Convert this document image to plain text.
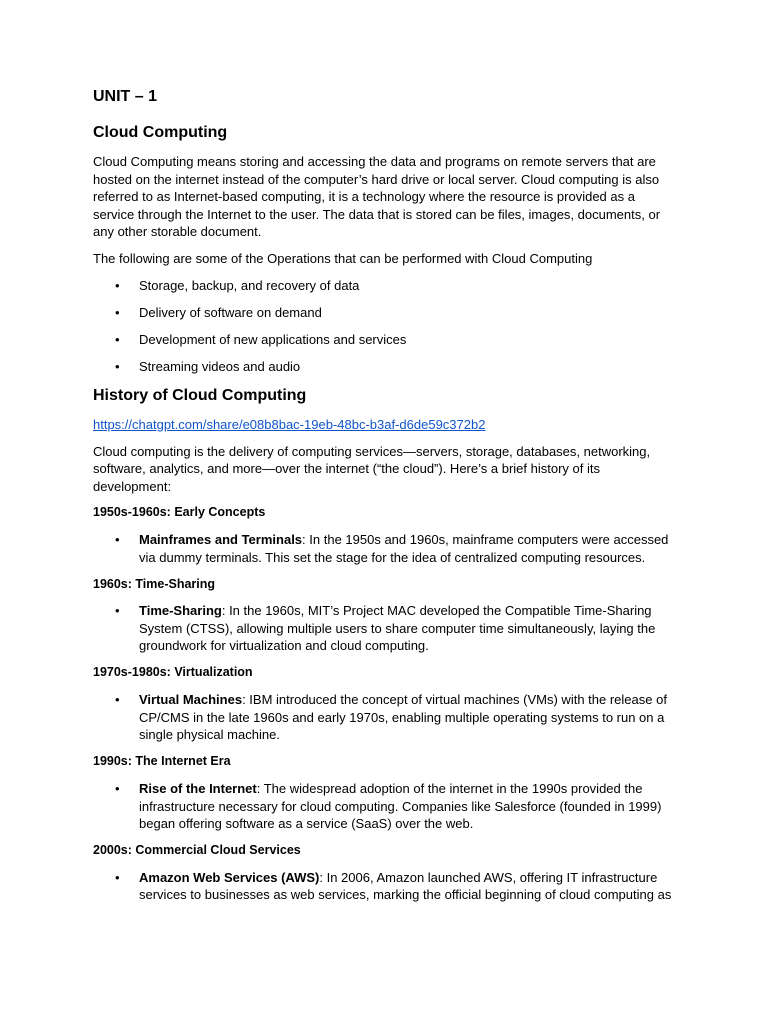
UNIT – 1
Cloud Computing

Cloud Computing means storing and accessing the data and programs on remote servers that are hosted on the internet instead of the computer’s hard drive or local server. Cloud computing is also referred to as Internet-based computing, it is a technology where the resource is provided as a service through the Internet to the user. The data that is stored can be files, images, documents, or any other storable document.

The following are some of the Operations that can be performed with Cloud Computing

• Storage, backup, and recovery of data
• Delivery of software on demand
• Development of new applications and services
• Streaming videos and audio
History of Cloud Computing
https://chatgpt.com/share/e08b8bac-19eb-48bc-b3af-d6de59c372b2

Cloud computing is the delivery of computing services—servers, storage, databases, networking, software, analytics, and more—over the internet (“the cloud”). Here’s a brief history of its development:

1950s-1960s: Early Concepts
• Mainframes and Terminals: In the 1950s and 1960s, mainframe computers were accessed via dummy terminals. This set the stage for the idea of centralized computing resources.
1960s: Time-Sharing
• Time-Sharing: In the 1960s, MIT’s Project MAC developed the Compatible Time-Sharing System (CTSS), allowing multiple users to share computer time simultaneously, laying the groundwork for virtualization and cloud computing.
1970s-1980s: Virtualization
• Virtual Machines: IBM introduced the concept of virtual machines (VMs) with the release of CP/CMS in the late 1960s and early 1970s, enabling multiple operating systems to run on a single physical machine.
1990s: The Internet Era
• Rise of the Internet: The widespread adoption of the internet in the 1990s provided the infrastructure necessary for cloud computing. Companies like Salesforce (founded in 1999) began offering software as a service (SaaS) over the web.
2000s: Commercial Cloud Services
• Amazon Web Services (AWS): In 2006, Amazon launched AWS, offering IT infrastructure services to businesses as web services, marking the official beginning of cloud computing as
